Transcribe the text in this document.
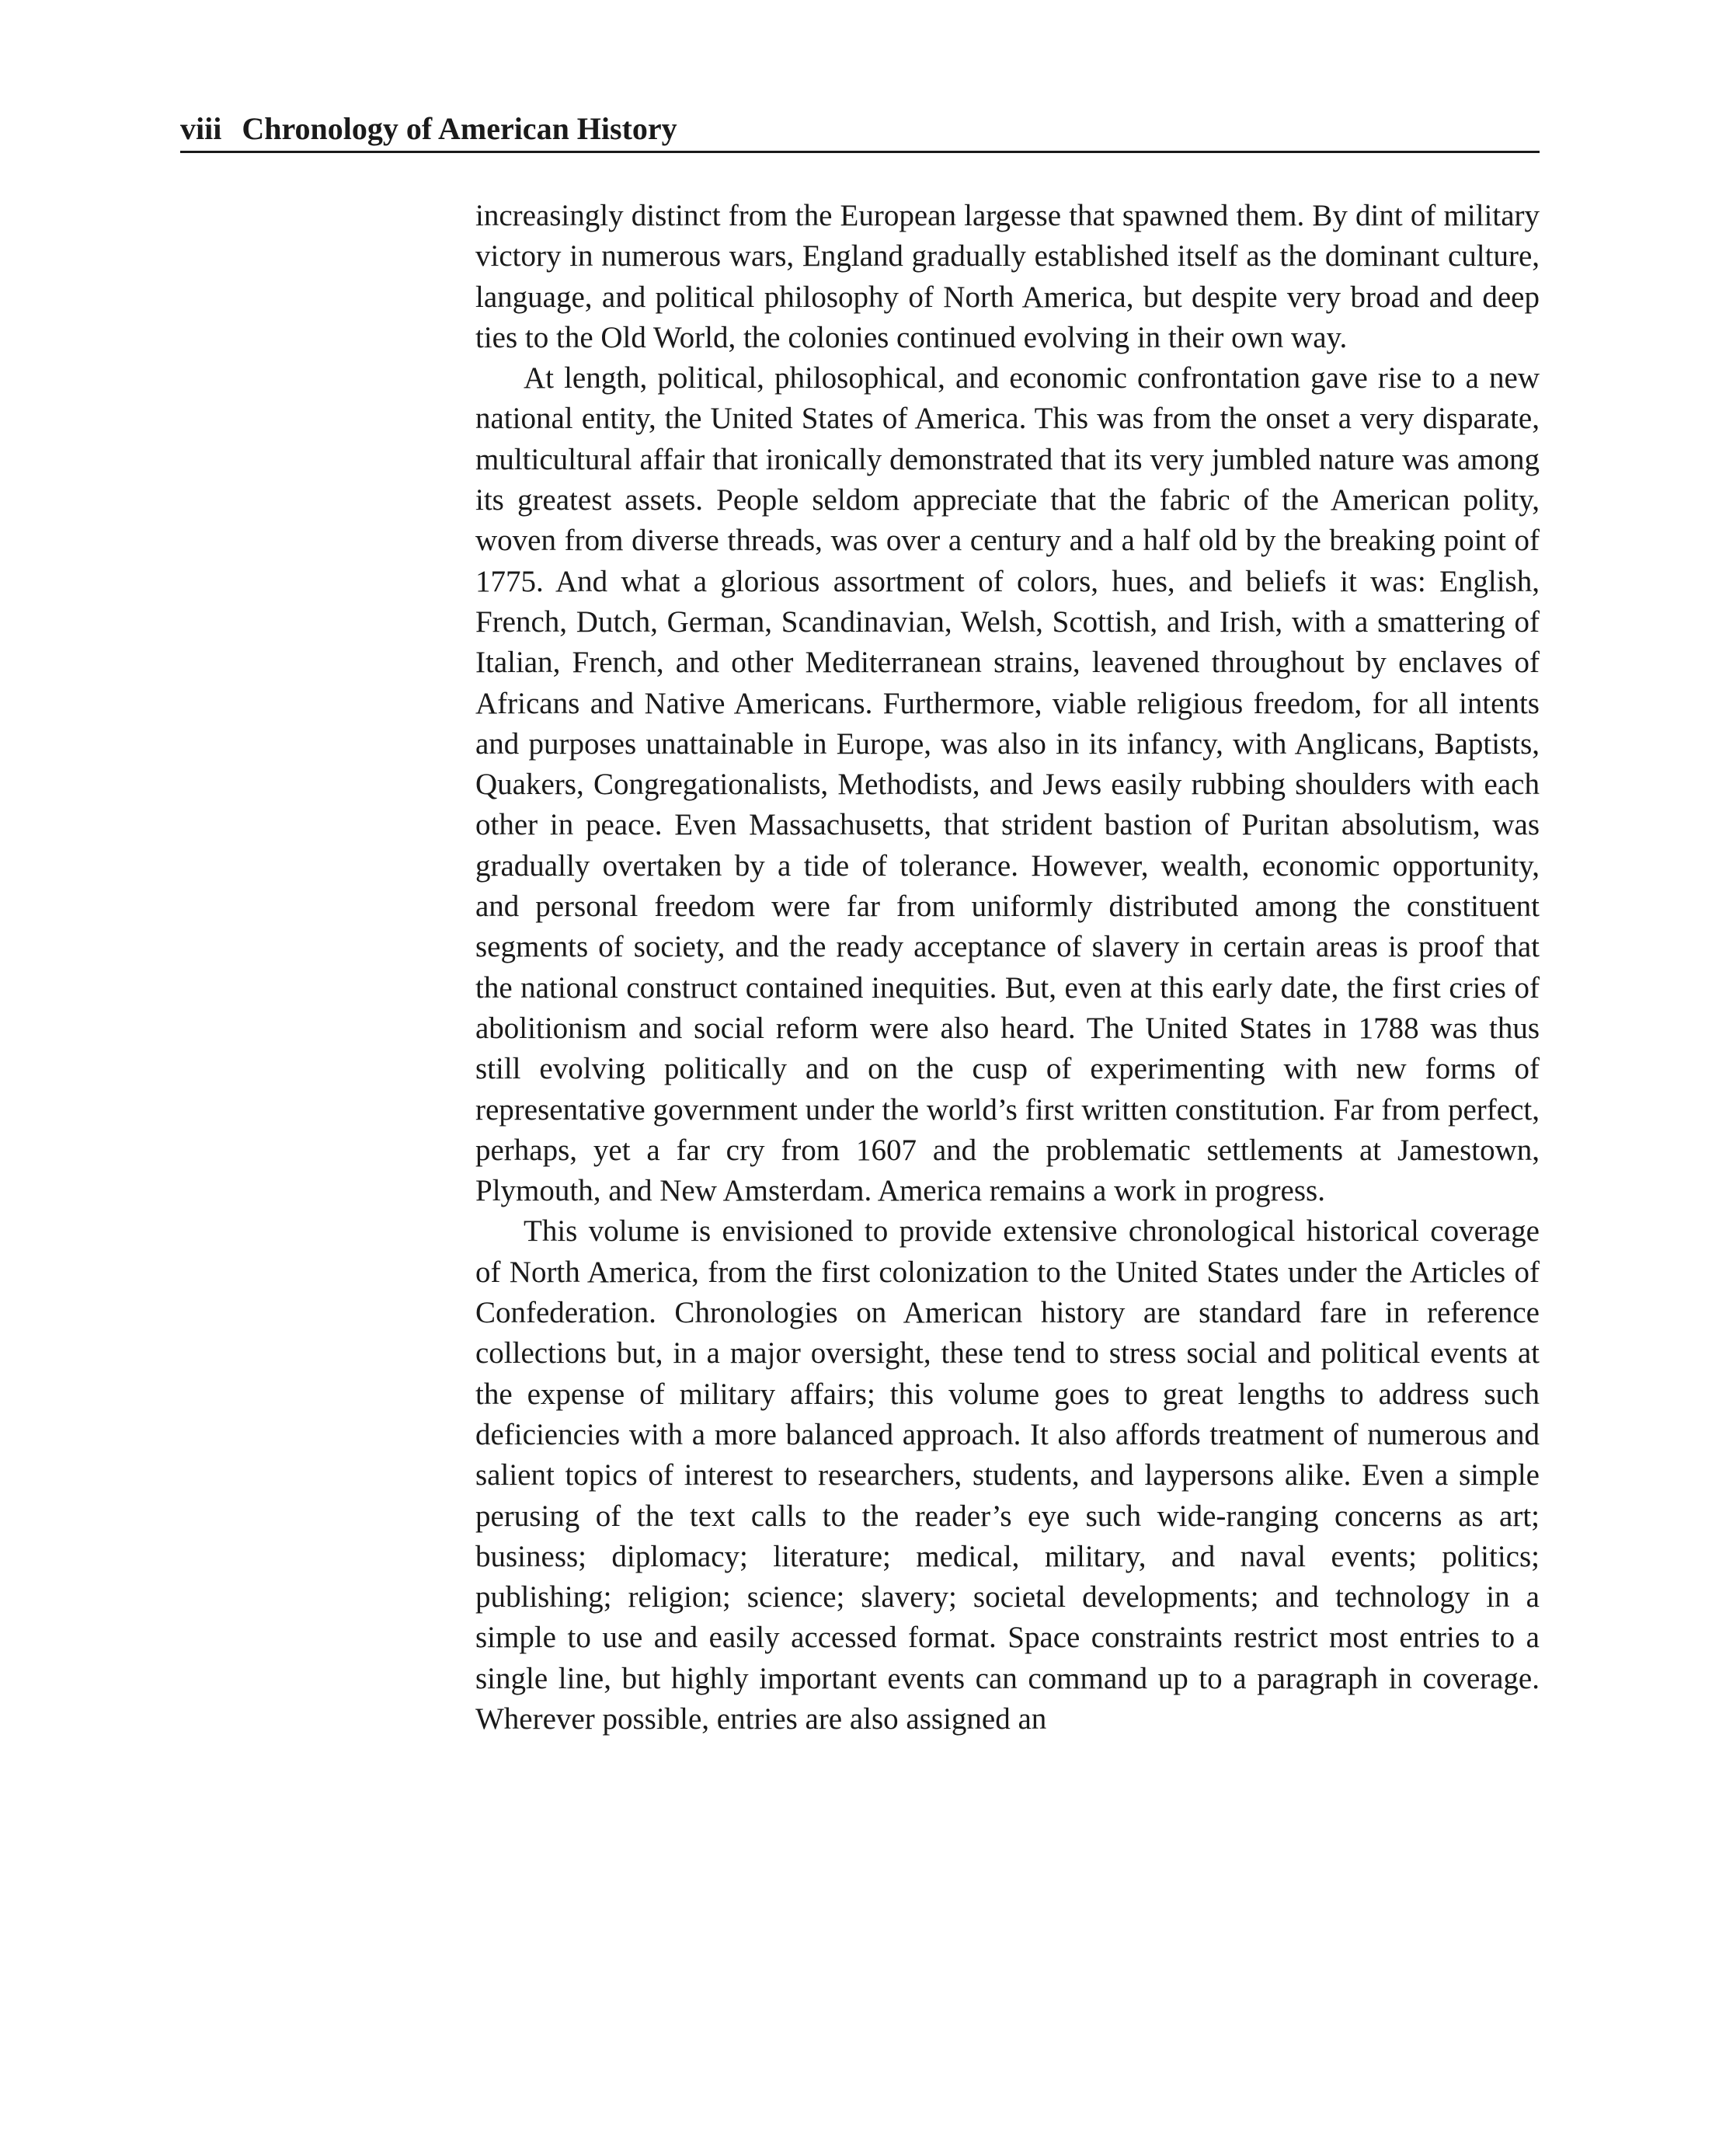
viii Chronology of American History

increasingly distinct from the European largesse that spawned them. By dint of military victory in numerous wars, England gradually established itself as the dominant culture, language, and political philosophy of North America, but despite very broad and deep ties to the Old World, the colonies continued evolving in their own way.

At length, political, philosophical, and economic confrontation gave rise to a new national entity, the United States of America. This was from the onset a very disparate, multicultural affair that ironically demonstrated that its very jumbled nature was among its greatest assets. People seldom appreciate that the fabric of the American polity, woven from diverse threads, was over a century and a half old by the breaking point of 1775. And what a glorious assortment of colors, hues, and beliefs it was: English, French, Dutch, German, Scandinavian, Welsh, Scottish, and Irish, with a smattering of Italian, French, and other Mediterranean strains, leavened throughout by enclaves of Africans and Native Americans. Furthermore, viable religious freedom, for all intents and purposes unattainable in Europe, was also in its infancy, with Anglicans, Baptists, Quakers, Congregationalists, Methodists, and Jews easily rubbing shoulders with each other in peace. Even Massachusetts, that strident bastion of Puritan absolutism, was gradually overtaken by a tide of tolerance. However, wealth, economic opportunity, and personal freedom were far from uniformly distributed among the constituent segments of society, and the ready acceptance of slavery in certain areas is proof that the national construct contained inequities. But, even at this early date, the first cries of abolitionism and social reform were also heard. The United States in 1788 was thus still evolving politically and on the cusp of experimenting with new forms of representative government under the world’s first written constitution. Far from perfect, perhaps, yet a far cry from 1607 and the problematic settlements at Jamestown, Plymouth, and New Amsterdam. America remains a work in progress.

This volume is envisioned to provide extensive chronological historical coverage of North America, from the first colonization to the United States under the Articles of Confederation. Chronologies on American history are standard fare in reference collections but, in a major oversight, these tend to stress social and political events at the expense of military affairs; this volume goes to great lengths to address such deficiencies with a more balanced approach. It also affords treatment of numerous and salient topics of interest to researchers, students, and laypersons alike. Even a simple perusing of the text calls to the reader’s eye such wide-ranging concerns as art; business; diplomacy; literature; medical, military, and naval events; politics; publishing; religion; science; slavery; societal developments; and technology in a simple to use and easily accessed format. Space constraints restrict most entries to a single line, but highly important events can command up to a paragraph in coverage. Wherever possible, entries are also assigned an
